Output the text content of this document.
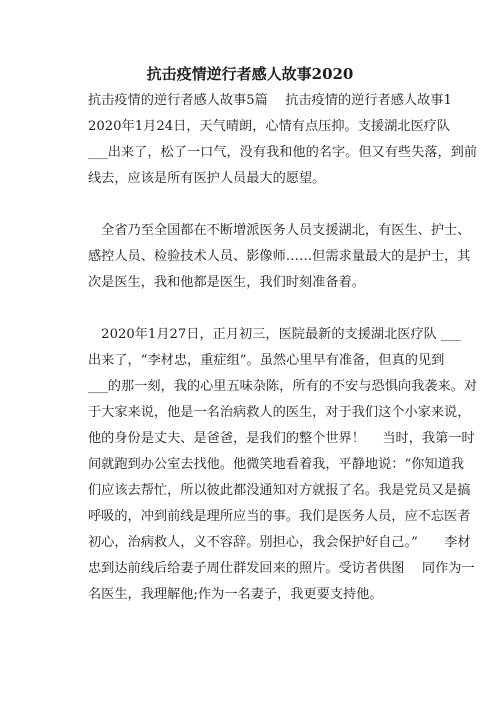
抗击疫情逆行者感人故事2020
抗击疫情的逆行者感人故事5篇　 抗击疫情的逆行者感人故事1
2020年1月24日，天气晴朗，心情有点压抑。支援湖北医疗队
___出来了，松了一口气，没有我和他的名字。但又有些失落，到前
线去，应该是所有医护人员最大的愿望。
　全省乃至全国都在不断增派医务人员支援湖北，有医生、护士、
感控人员、检验技术人员、影像师……但需求量最大的是护士，其
次是医生，我和他都是医生，我们时刻准备着。
　2020年1月27日，正月初三，医院最新的支援湖北医疗队 ___
出来了，“李材忠，重症组”。虽然心里早有准备，但真的见到
___的那一刻，我的心里五味杂陈，所有的不安与恐惧向我袭来。对
于大家来说，他是一名治病救人的医生，对于我们这个小家来说，
他的身份是丈夫、是爸爸，是我们的整个世界！　 当时，我第一时
间就跑到办公室去找他。他微笑地看着我，平静地说：“你知道我
们应该去帮忙，所以彼此都没通知对方就报了名。我是党员又是搞
呼吸的，冲到前线是理所应当的事。我们是医务人员，应不忘医者
初心，治病救人，义不容辞。别担心，我会保护好自己。”　　李材
忠到达前线后给妻子周仕群发回来的照片。受访者供图　 同作为一
名医生，我理解他;作为一名妻子，我更要支持他。
